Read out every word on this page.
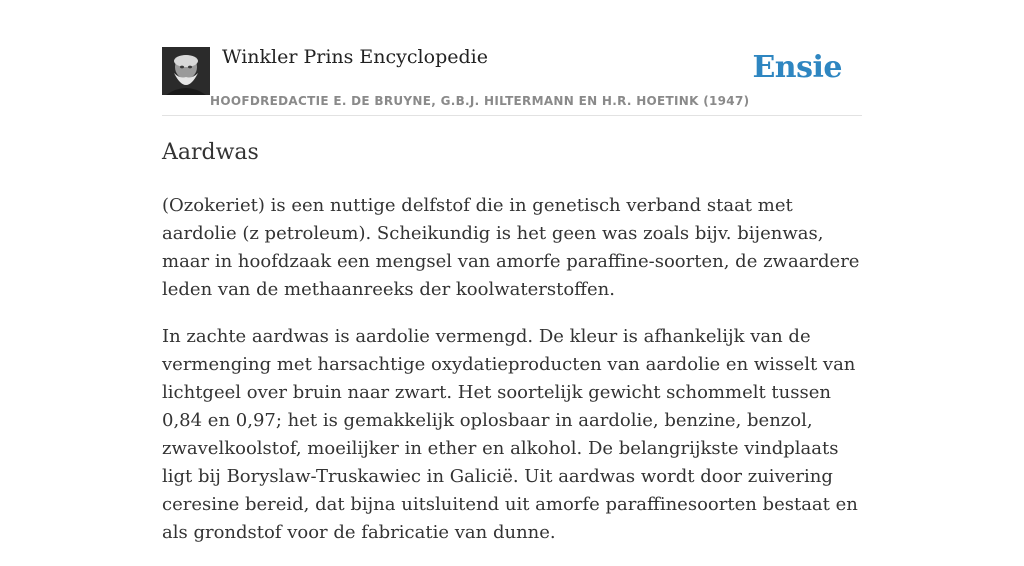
Winkler Prins Encyclopedie
HOOFDREDACTIE E. DE BRUYNE, G.B.J. HILTERMANN EN H.R. HOETINK (1947)
Ensie
Aardwas

(Ozokeriet) is een nuttige delfstof die in genetisch verband staat met aardolie (z petroleum). Scheikundig is het geen was zoals bijv. bijenwas, maar in hoofdzaak een mengsel van amorfe paraffine-soorten, de zwaardere leden van de methaanreeks der koolwaterstoffen.

In zachte aardwas is aardolie vermengd. De kleur is afhankelijk van de vermenging met harsachtige oxydatieproducten van aardolie en wisselt van lichtgeel over bruin naar zwart. Het soortelijk gewicht schommelt tussen 0,84 en 0,97; het is gemakkelijk oplosbaar in aardolie, benzine, benzol, zwavelkoolstof, moeilijker in ether en alkohol. De belangrijkste vindplaats ligt bij Boryslaw-Truskawiec in Galicië. Uit aardwas wordt door zuivering ceresine bereid, dat bijna uitsluitend uit amorfe paraffinesoorten bestaat en als grondstof voor de fabricatie van dunne.
